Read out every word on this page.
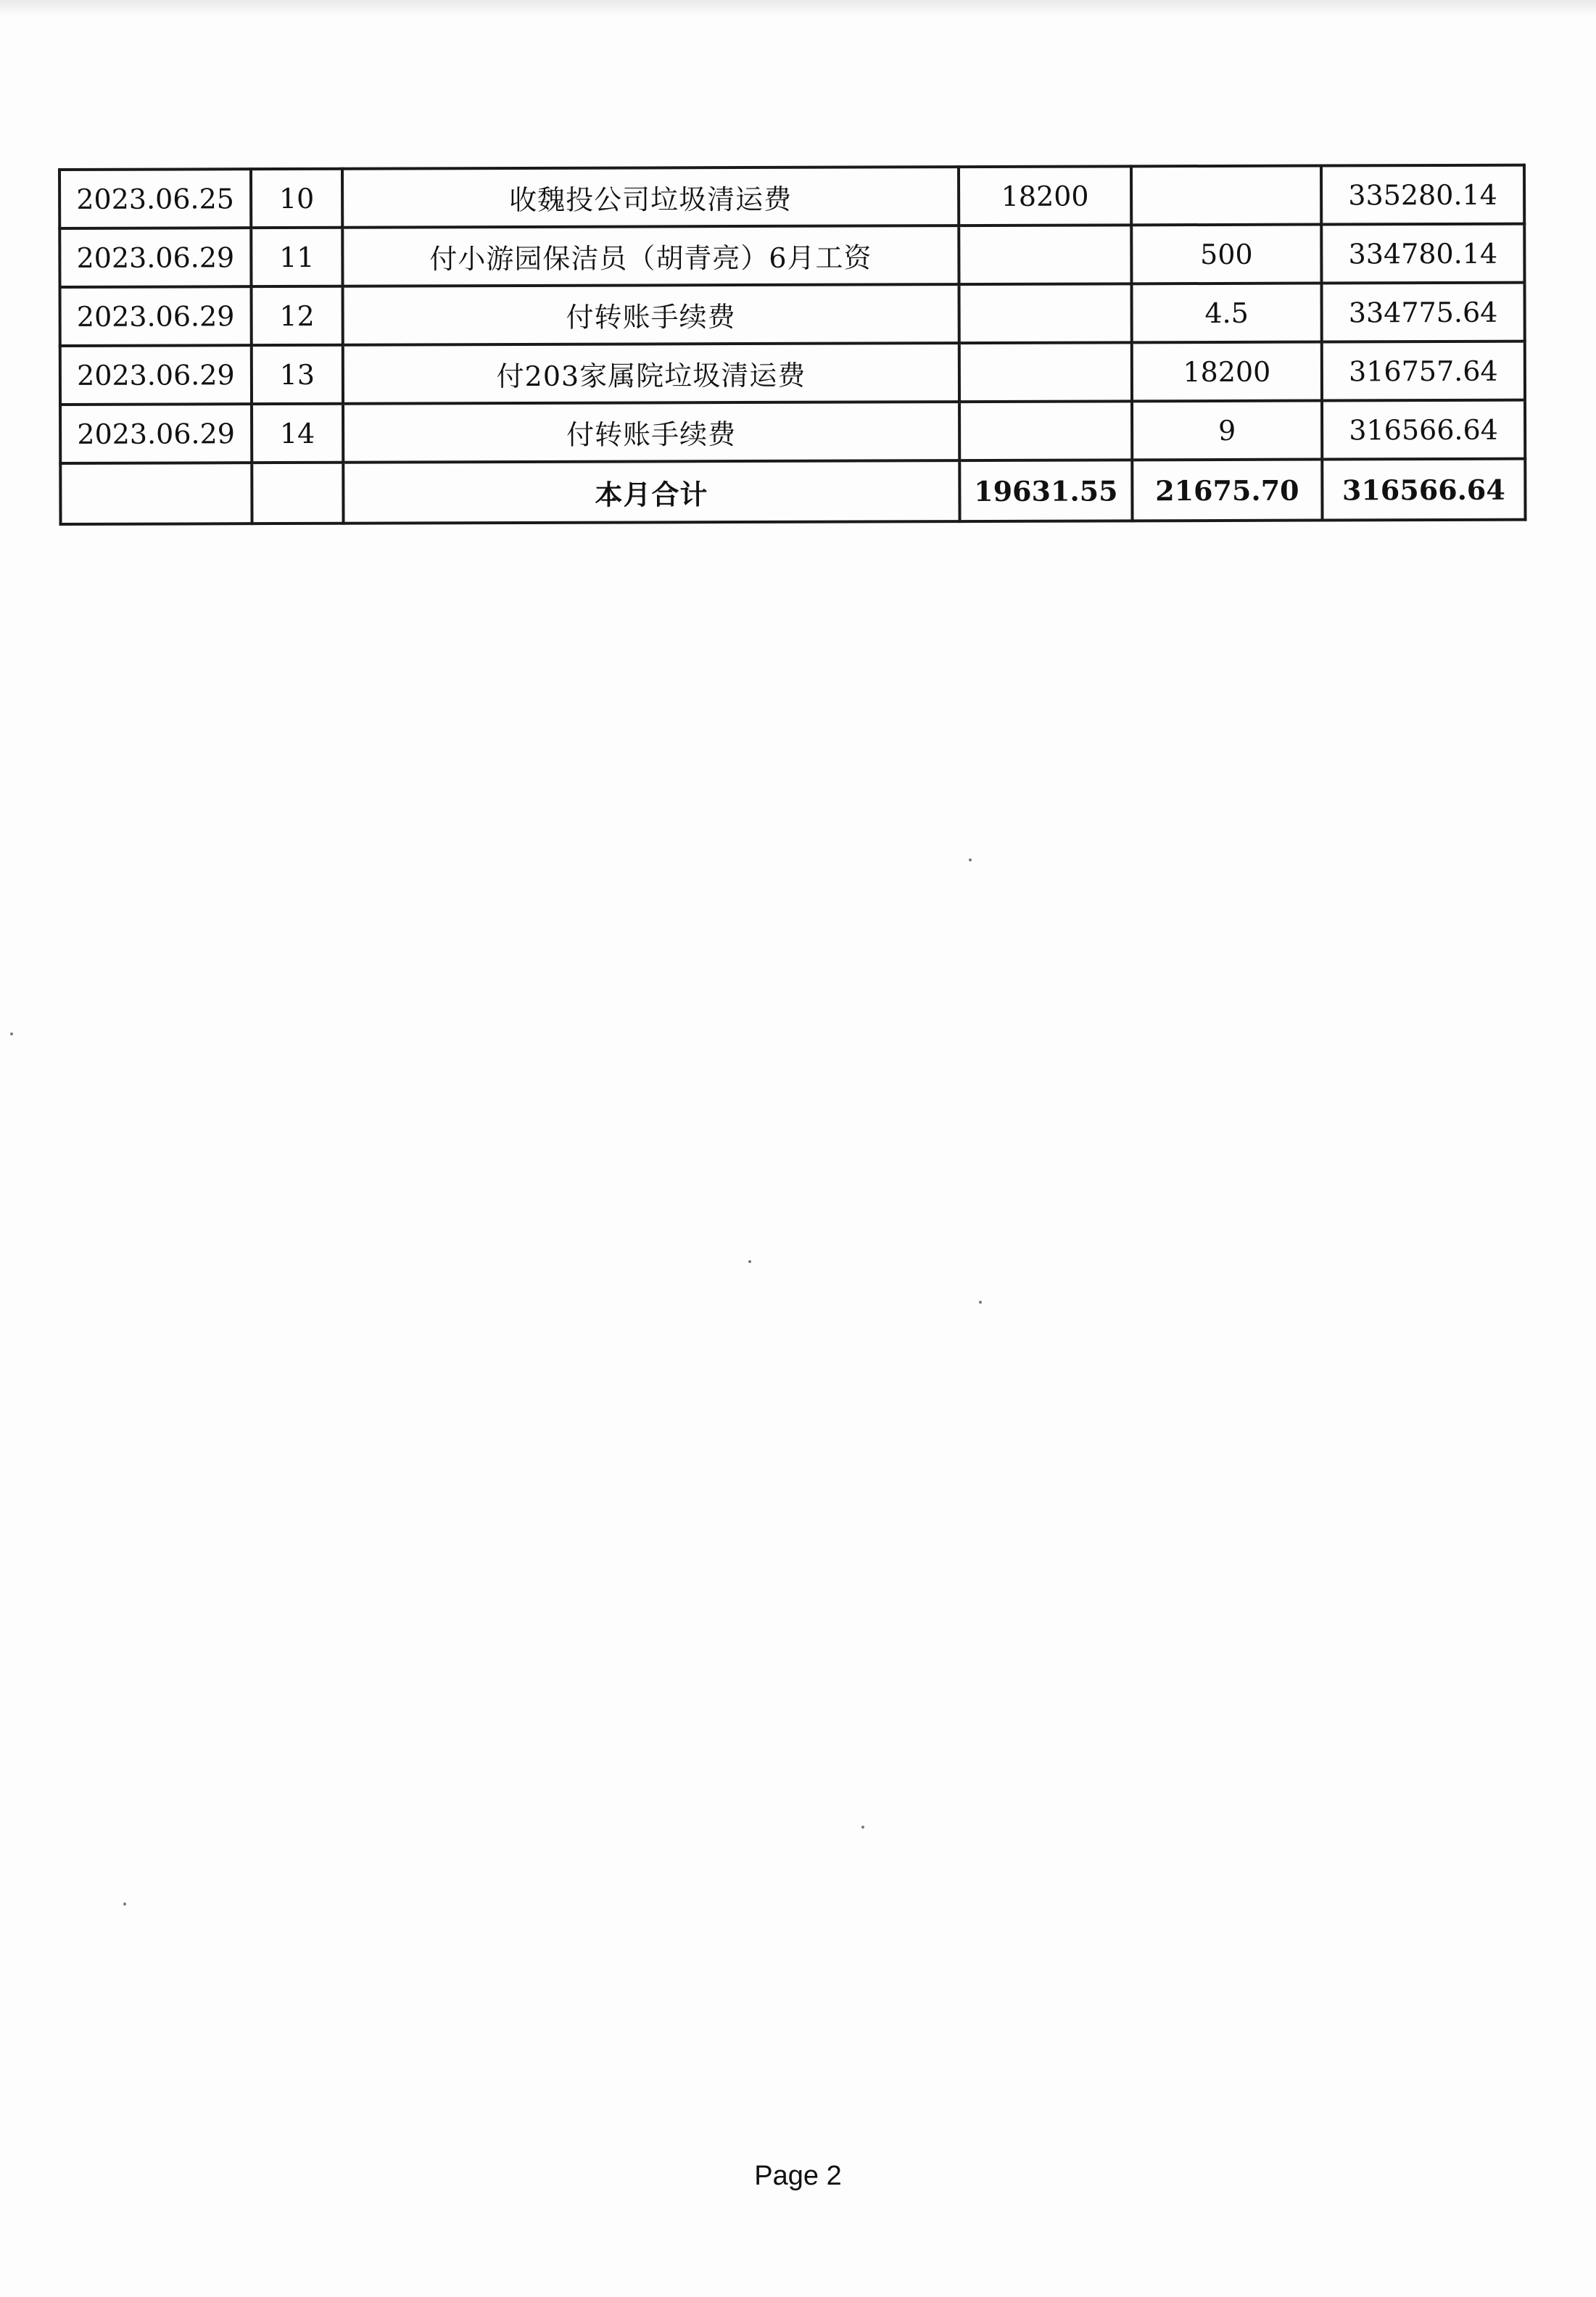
2023.06.25	10	收魏投公司垃圾清运费	18200		335280.14
2023.06.29	11	付小游园保洁员（胡青亮）6月工资		500	334780.14
2023.06.29	12	付转账手续费		4.5	334775.64
2023.06.29	13	付203家属院垃圾清运费		18200	316757.64
2023.06.29	14	付转账手续费		9	316566.64
		本月合计	19631.55	21675.70	316566.64
Page 2
